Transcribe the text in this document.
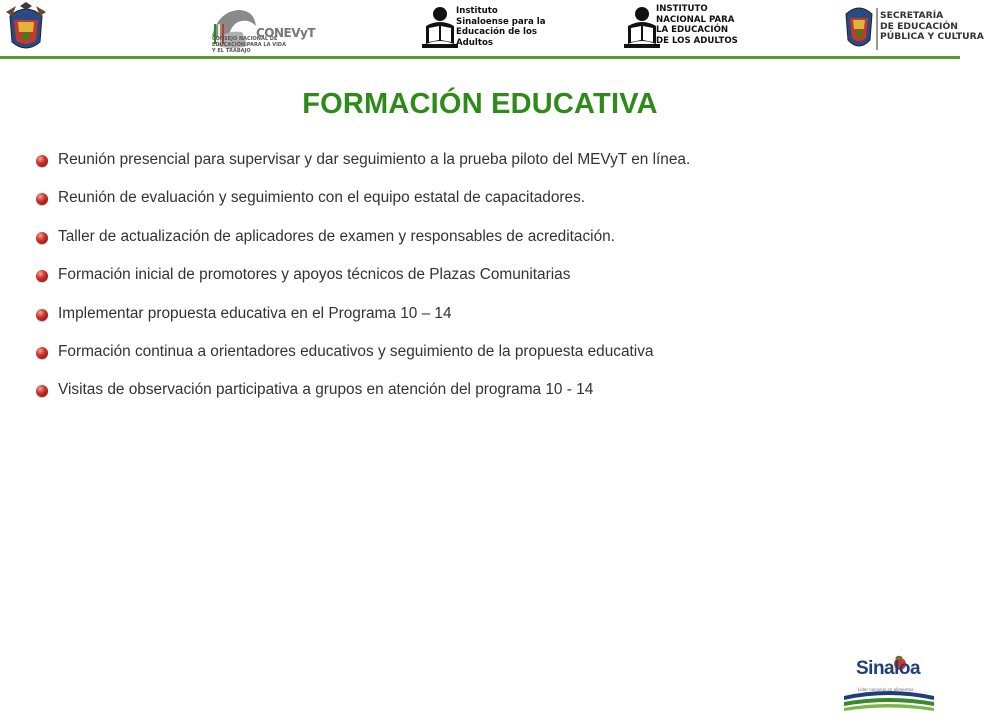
CONSEJO NACIONAL DE
EDUCACIÓN PARA LA VIDA
Y EL TRABAJO
CONEVyT
Instituto
Sinaloense para la
Educación de los
Adultos
INSTITUTO
NACIONAL PARA
LA EDUCACIÓN
DE LOS ADULTOS
SECRETARÍA
DE EDUCACIÓN
PÚBLICA Y CULTURA
FORMACIÓN EDUCATIVA
Reunión presencial para supervisar y dar seguimiento a la prueba piloto del MEVyT en línea.
Reunión de evaluación y seguimiento con el equipo estatal de capacitadores.
Taller de actualización de aplicadores de examen y responsables de acreditación.
Formación inicial de promotores y apoyos técnicos de Plazas Comunitarias
Implementar propuesta educativa en el Programa 10 – 14
Formación continua a orientadores educativos y seguimiento de la propuesta educativa
Visitas de observación participativa a grupos en atención del programa 10 - 14
Sinaloa
Líder nacional en alimentos
